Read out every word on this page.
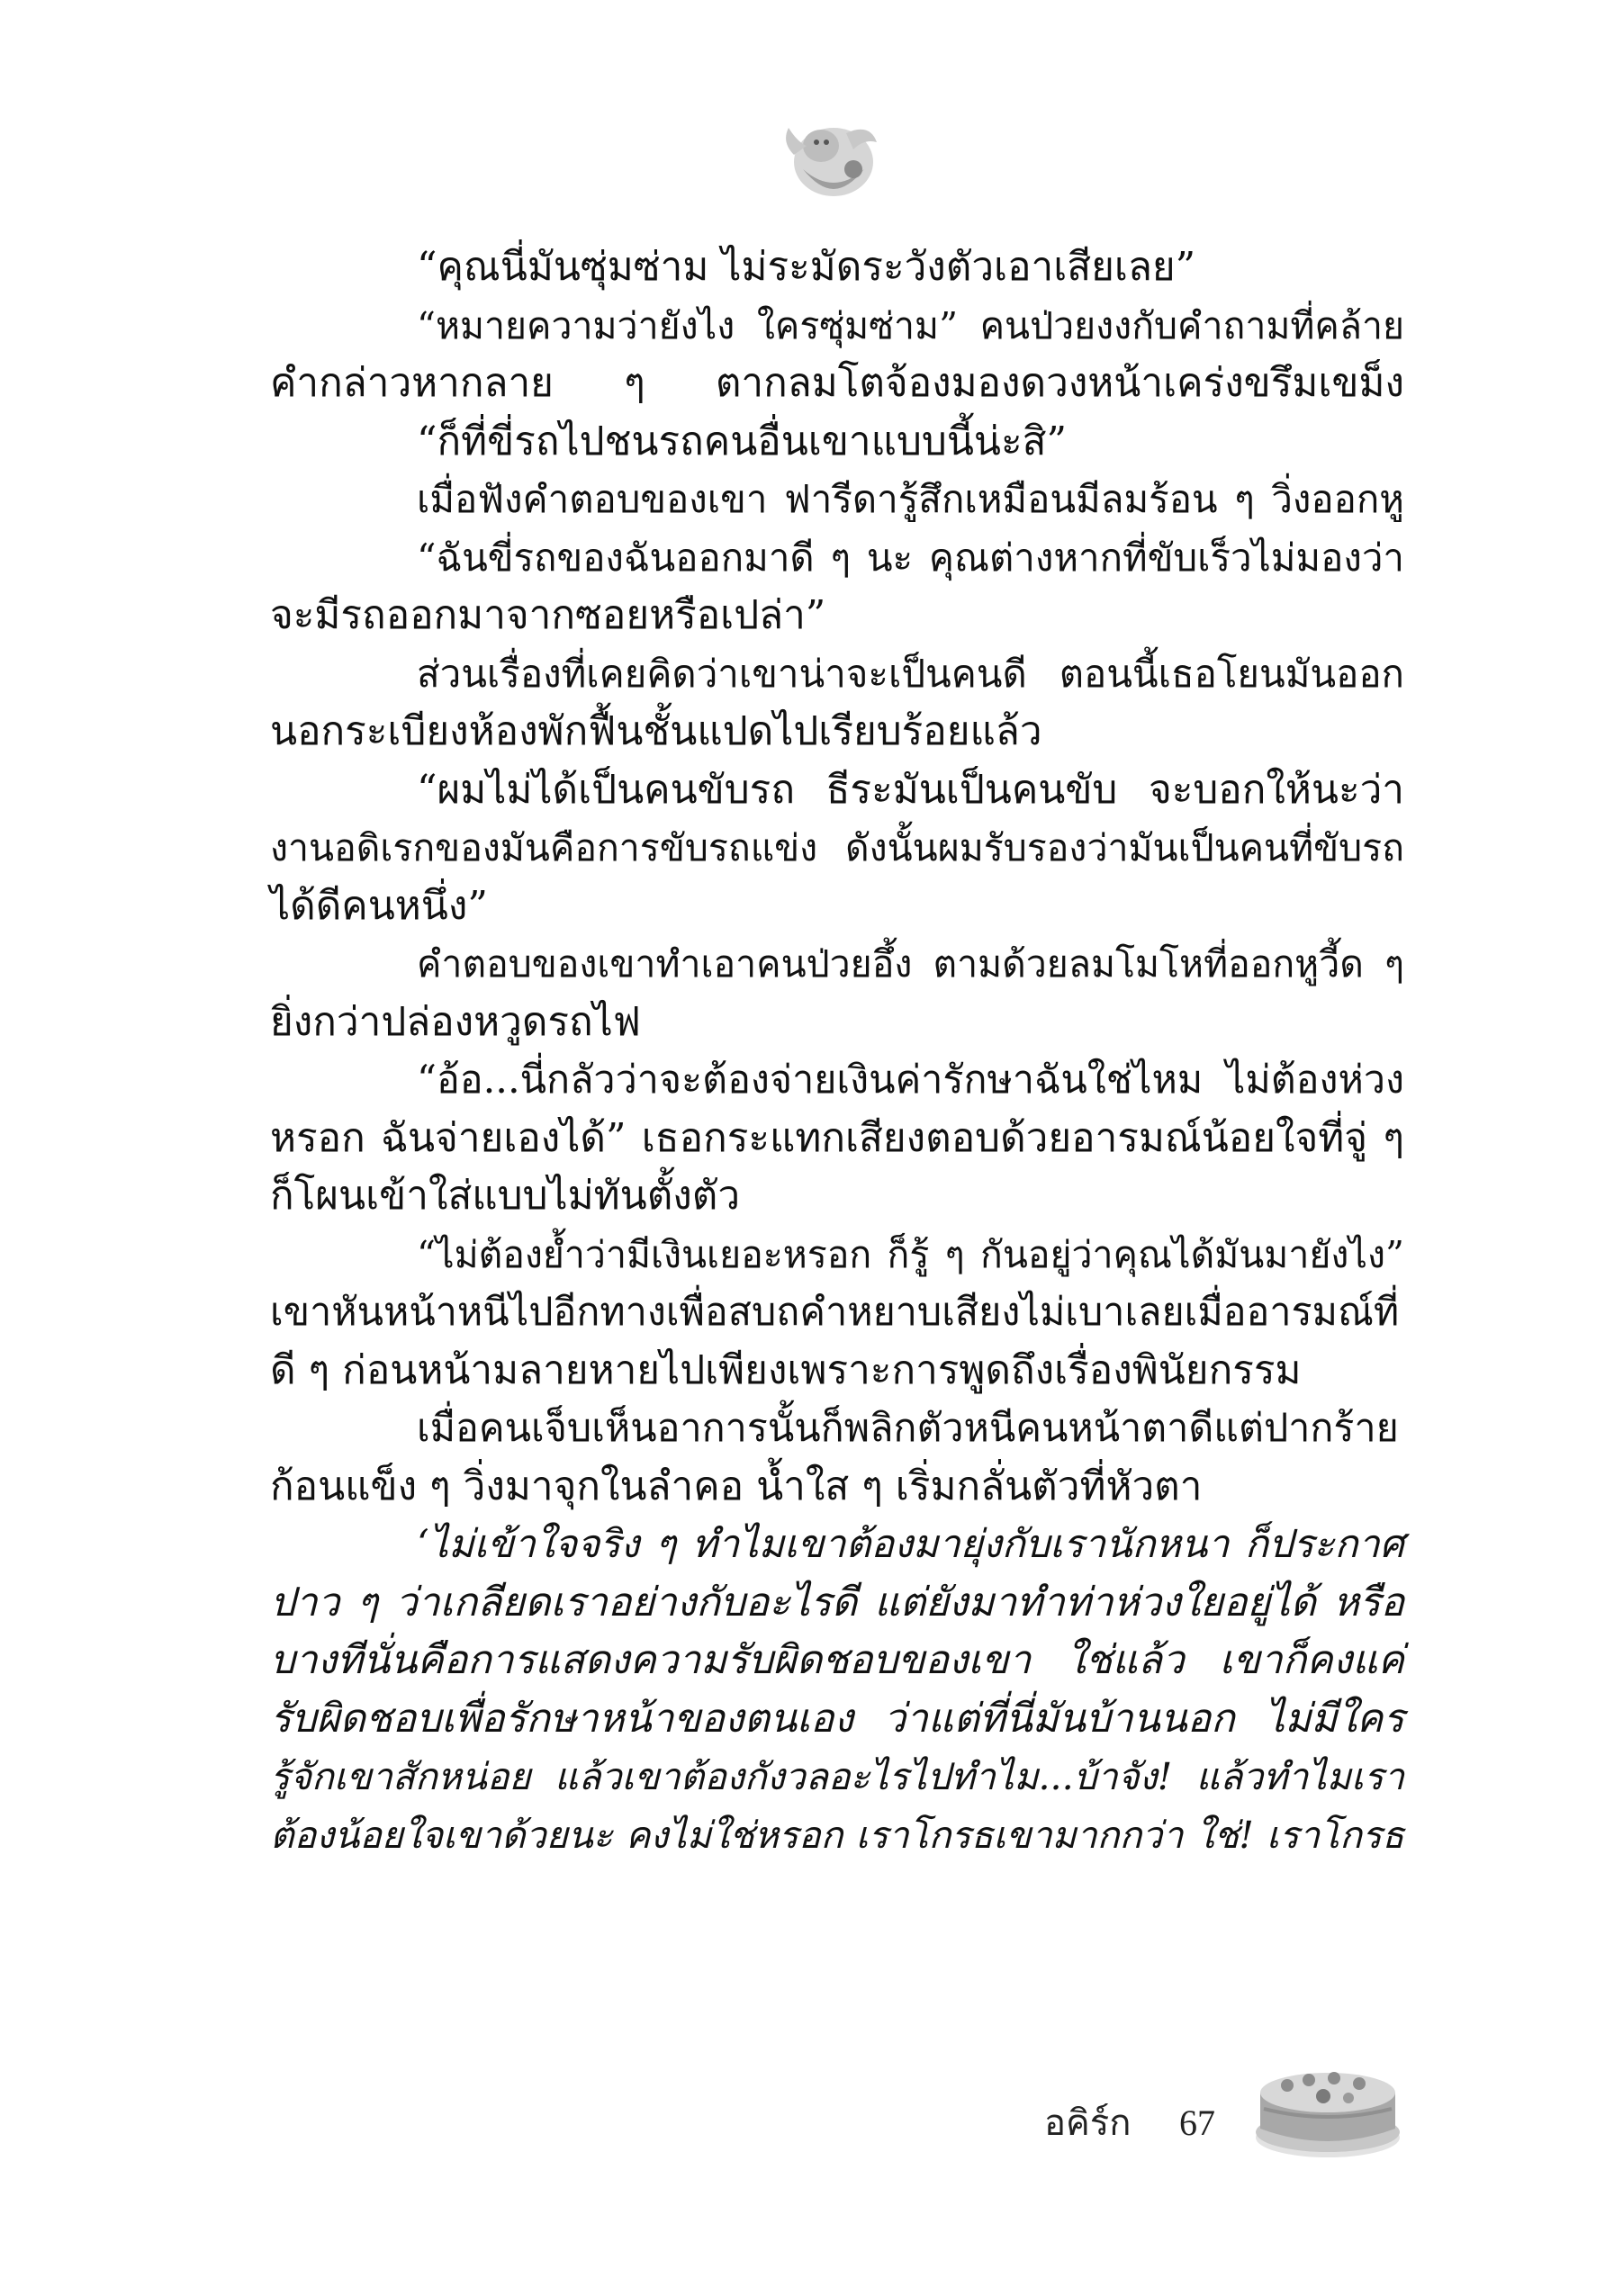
“คุณนี่มันซุ่มซ่าม ไม่ระมัดระวังตัวเอาเสียเลย”
“หมายความว่ายังไง ใครซุ่มซ่าม” คนป่วยงงกับคำถามที่คล้าย
คำกล่าวหากลาย ๆ ตากลมโตจ้องมองดวงหน้าเคร่งขรึมเขม็ง
“ก็ที่ขี่รถไปชนรถคนอื่นเขาแบบนี้น่ะสิ”
เมื่อฟังคำตอบของเขา ฟารีดารู้สึกเหมือนมีลมร้อน ๆ วิ่งออกหู
“ฉันขี่รถของฉันออกมาดี ๆ นะ คุณต่างหากที่ขับเร็วไม่มองว่า
จะมีรถออกมาจากซอยหรือเปล่า”
ส่วนเรื่องที่เคยคิดว่าเขาน่าจะเป็นคนดี ตอนนี้เธอโยนมันออก
นอกระเบียงห้องพักฟื้นชั้นแปดไปเรียบร้อยแล้ว
“ผมไม่ได้เป็นคนขับรถ ธีระมันเป็นคนขับ จะบอกให้นะว่า
งานอดิเรกของมันคือการขับรถแข่ง ดังนั้นผมรับรองว่ามันเป็นคนที่ขับรถ
ได้ดีคนหนึ่ง”
คำตอบของเขาทำเอาคนป่วยอึ้ง ตามด้วยลมโมโหที่ออกหูวี้ด ๆ
ยิ่งกว่าปล่องหวูดรถไฟ
“อ้อ...นี่กลัวว่าจะต้องจ่ายเงินค่ารักษาฉันใช่ไหม ไม่ต้องห่วง
หรอก ฉันจ่ายเองได้” เธอกระแทกเสียงตอบด้วยอารมณ์น้อยใจที่จู่ ๆ
ก็โผนเข้าใส่แบบไม่ทันตั้งตัว
“ไม่ต้องย้ำว่ามีเงินเยอะหรอก ก็รู้ ๆ กันอยู่ว่าคุณได้มันมายังไง”
เขาหันหน้าหนีไปอีกทางเพื่อสบถคำหยาบเสียงไม่เบาเลยเมื่ออารมณ์ที่
ดี ๆ ก่อนหน้ามลายหายไปเพียงเพราะการพูดถึงเรื่องพินัยกรรม
เมื่อคนเจ็บเห็นอาการนั้นก็พลิกตัวหนีคนหน้าตาดีแต่ปากร้าย
ก้อนแข็ง ๆ วิ่งมาจุกในลำคอ น้ำใส ๆ เริ่มกลั่นตัวที่หัวตา
‘ไม่เข้าใจจริง ๆ ทำไมเขาต้องมายุ่งกับเรานักหนา ก็ประกาศ
ปาว ๆ ว่าเกลียดเราอย่างกับอะไรดี แต่ยังมาทำท่าห่วงใยอยู่ได้ หรือ
บางทีนั่นคือการแสดงความรับผิดชอบของเขา ใช่แล้ว เขาก็คงแค่
รับผิดชอบเพื่อรักษาหน้าของตนเอง ว่าแต่ที่นี่มันบ้านนอก ไม่มีใคร
รู้จักเขาสักหน่อย แล้วเขาต้องกังวลอะไรไปทำไม...บ้าจัง! แล้วทำไมเรา
ต้องน้อยใจเขาด้วยนะ คงไม่ใช่หรอก เราโกรธเขามากกว่า ใช่! เราโกรธ
อคิร์ก 67
